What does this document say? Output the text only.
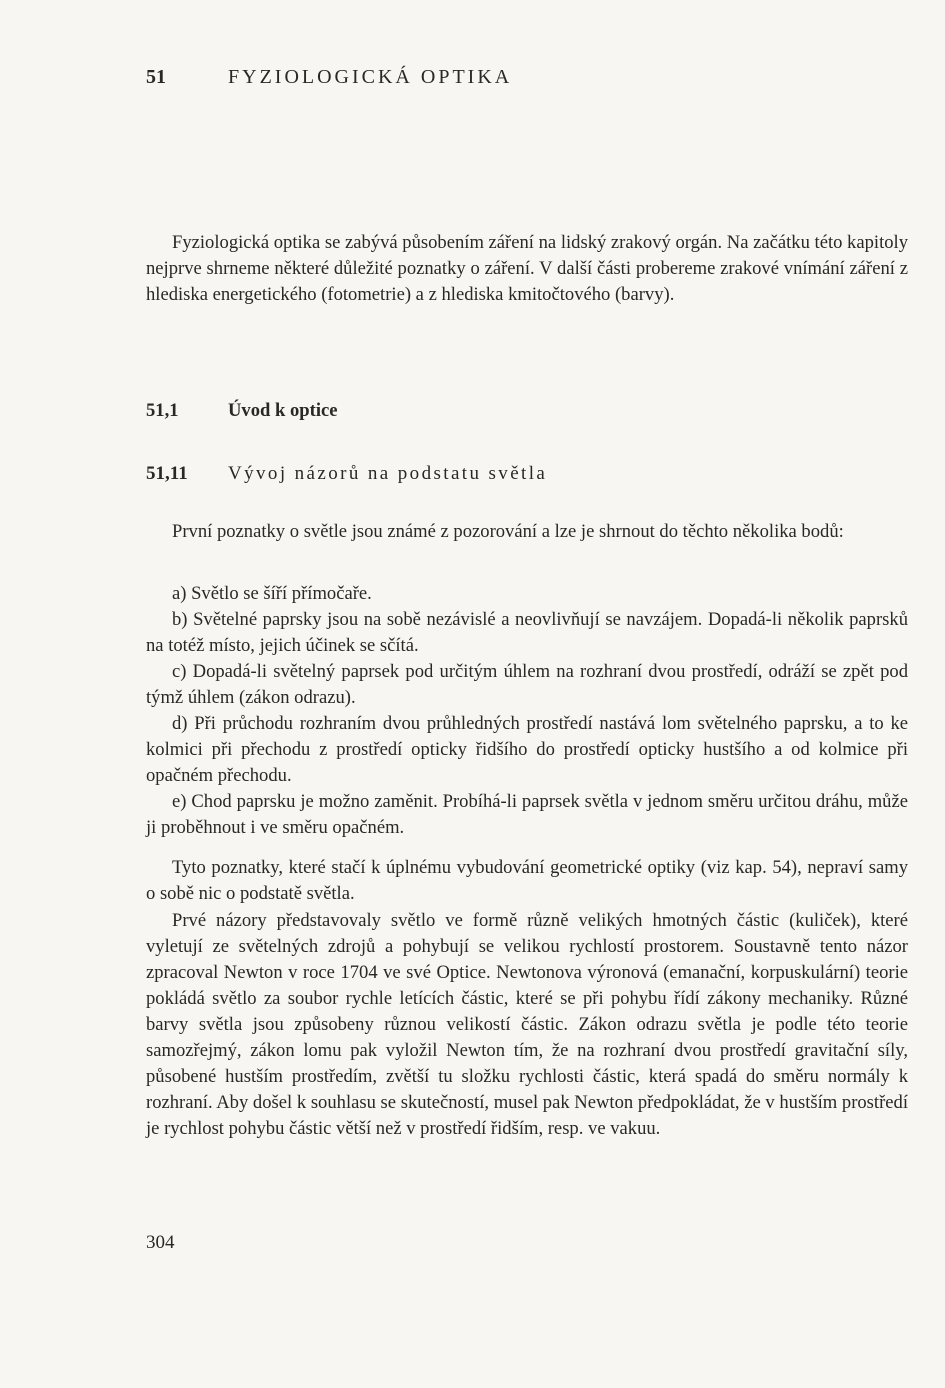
51	FYZIOLOGICKÁ OPTIKA
Fyziologická optika se zabývá působením záření na lidský zrakový orgán. Na začátku této kapitoly nejprve shrneme některé důležité poznatky o záření. V další části probereme zrakové vnímání záření z hlediska energetického (fotometrie) a z hlediska kmitočtového (barvy).
51,1	Úvod k optice
51,11 Vývoj názorů na podstatu světla

První poznatky o světle jsou známé z pozorování a lze je shrnout do těchto několika bodů:

a) Světlo se šíří přímočaře.

b) Světelné paprsky jsou na sobě nezávislé a neovlivňují se navzájem. Dopadá-li několik paprsků na totéž místo, jejich účinek se sčítá.

c) Dopadá-li světelný paprsek pod určitým úhlem na rozhraní dvou prostředí, odráží se zpět pod týmž úhlem (zákon odrazu).

d) Při průchodu rozhraním dvou průhledných prostředí nastává lom světelného paprsku, a to ke kolmici při přechodu z prostředí opticky řidšího do prostředí opticky hustšího a od kolmice při opačném přechodu.

e) Chod paprsku je možno zaměnit. Probíhá-li paprsek světla v jednom směru určitou dráhu, může ji proběhnout i ve směru opačném.

Tyto poznatky, které stačí k úplnému vybudování geometrické optiky (viz kap. 54), nepraví samy o sobě nic o podstatě světla.

Prvé názory představovaly světlo ve formě různě velikých hmotných částic (kuliček), které vyletují ze světelných zdrojů a pohybují se velikou rychlostí prostorem. Soustavně tento názor zpracoval Newton v roce 1704 ve své Optice. Newtonova výronová (emanační, korpuskulární) teorie pokládá světlo za soubor rychle letících částic, které se při pohybu řídí zákony mechaniky. Různé barvy světla jsou způsobeny různou velikostí částic. Zákon odrazu světla je podle této teorie samozřejmý, zákon lomu pak vyložil Newton tím, že na rozhraní dvou prostředí gravitační síly, působené hustším prostředím, zvětší tu složku rychlosti částic, která spadá do směru normály k rozhraní. Aby došel k souhlasu se skutečností, musel pak Newton předpokládat, že v hustším prostředí je rychlost pohybu částic větší než v prostředí řidším, resp. ve vakuu.

304
